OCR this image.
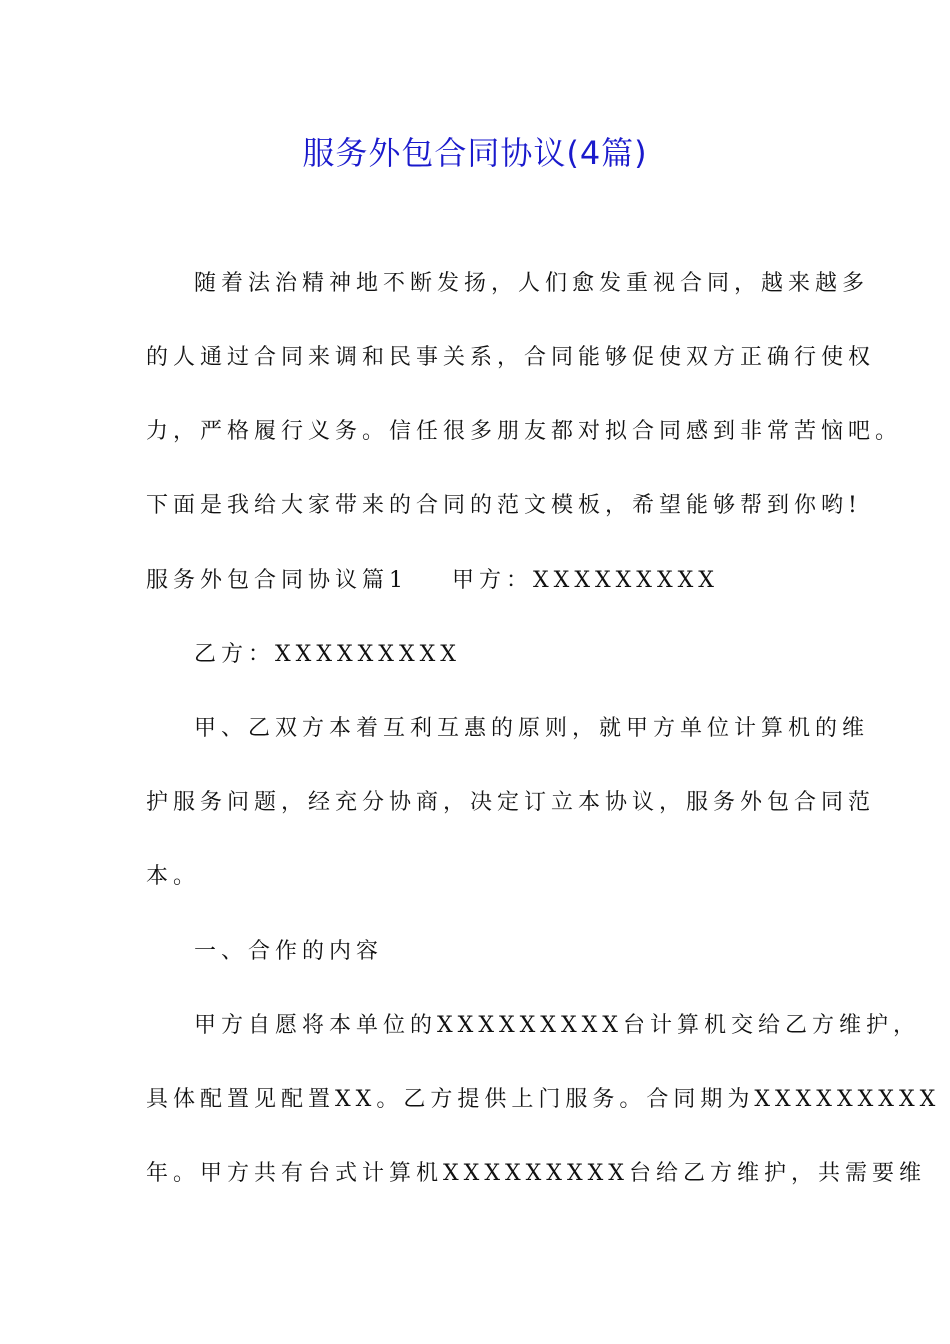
服务外包合同协议(4篇)
随着法治精神地不断发扬，人们愈发重视合同，越来越多
的人通过合同来调和民事关系，合同能够促使双方正确行使权
力，严格履行义务。信任很多朋友都对拟合同感到非常苦恼吧。
下面是我给大家带来的合同的范文模板，希望能够帮到你哟!
服务外包合同协议篇1 甲方：XXXXXXXXX
乙方：XXXXXXXXX
甲、乙双方本着互利互惠的原则，就甲方单位计算机的维
护服务问题，经充分协商，决定订立本协议，服务外包合同范
本。
一、合作的内容
甲方自愿将本单位的XXXXXXXXX台计算机交给乙方维护，
具体配置见配置XX。乙方提供上门服务。合同期为XXXXXXXXX
年。甲方共有台式计算机XXXXXXXXX台给乙方维护，共需要维
